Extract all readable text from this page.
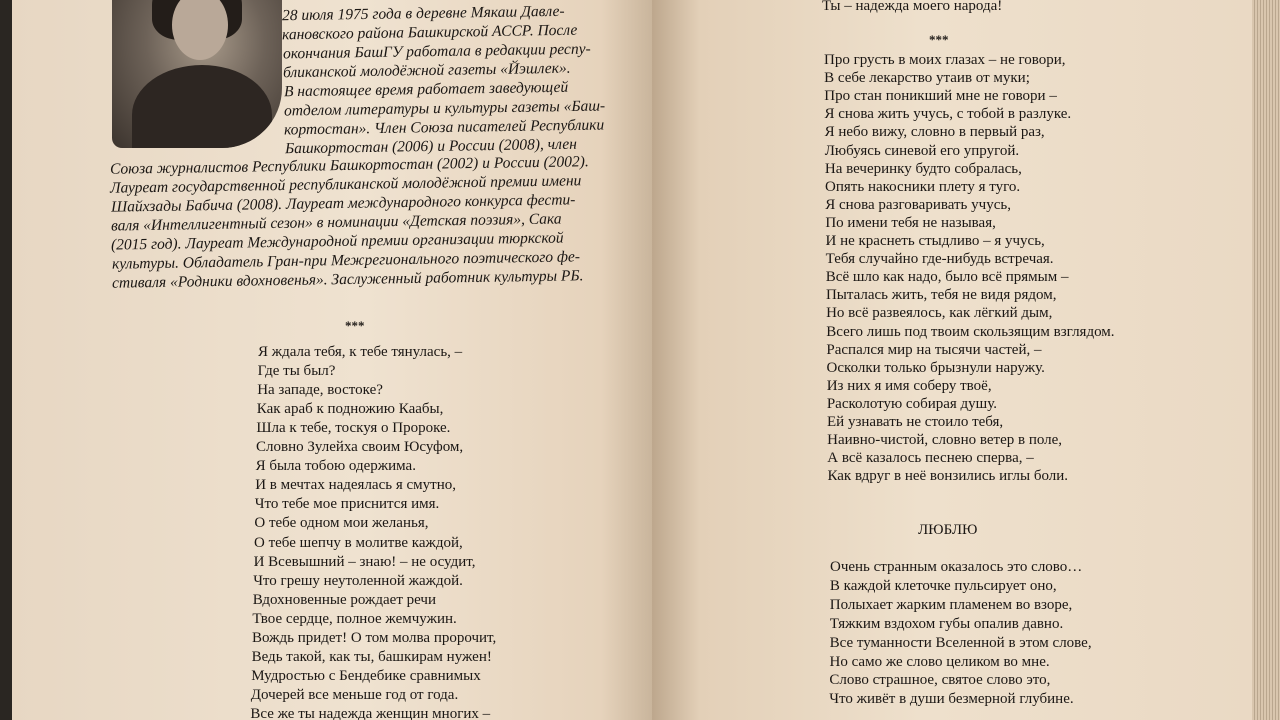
28 июля 1975 года в деревне Мякаш Давле-
кановского района Башкирской АССР. После
окончания БашГУ работала в редакции респу-
бликанской молодёжной газеты «Йэшлек».
В настоящее время работает заведующей
отделом литературы и культуры газеты «Баш-
кортостан». Член Союза писателей Республики
Башкортостан (2006) и России (2008), член
Союза журналистов Республики Башкортостан (2002) и России (2002).
Лауреат государственной республиканской молодёжной премии имени
Шайхзады Бабича (2008). Лауреат международного конкурса фести-
валя «Интеллигентный сезон» в номинации «Детская поэзия», Сака
(2015 год). Лауреат Международной премии организации тюркской
культуры. Обладатель Гран-при Межрегионального поэтического фе-
стиваля «Родники вдохновенья». Заслуженный работник культуры РБ.
***
Я ждала тебя, к тебе тянулась, –
Где ты был?
На западе, востоке?
Как араб к подножию Каабы,
Шла к тебе, тоскуя о Пророке.
Словно Зулейха своим Юсуфом,
Я была тобою одержима.
И в мечтах надеялась я смутно,
Что тебе мое приснится имя.
О тебе одном мои желанья,
О тебе шепчу в молитве каждой,
И Всевышний – знаю! – не осудит,
Что грешу неутоленной жаждой.
Вдохновенные рождает речи
Твое сердце, полное жемчужин.
Вождь придет! О том молва пророчит,
Ведь такой, как ты, башкирам нужен!
Мудростью с Бендебике сравнимых
Дочерей все меньше год от года.
Все же ты надежда женщин многих –
Ты – надежда моего народа!
***
Про грусть в моих глазах – не говори,
В себе лекарство утаив от муки;
Про стан поникший мне не говори –
Я снова жить учусь, с тобой в разлуке.
Я небо вижу, словно в первый раз,
Любуясь синевой его упругой.
На вечеринку будто собралась,
Опять накосники плету я туго.
Я снова разговаривать учусь,
По имени тебя не называя,
И не краснеть стыдливо – я учусь,
Тебя случайно где-нибудь встречая.
Всё шло как надо, было всё прямым –
Пыталась жить, тебя не видя рядом,
Но всё развеялось, как лёгкий дым,
Всего лишь под твоим скользящим взглядом.
Распался мир на тысячи частей, –
Осколки только брызнули наружу.
Из них я имя соберу твоё,
Расколотую собирая душу.
Ей узнавать не стоило тебя,
Наивно-чистой, словно ветер в поле,
А всё казалось песнею сперва, –
Как вдруг в неё вонзились иглы боли.
ЛЮБЛЮ
Очень странным оказалось это слово…
В каждой клеточке пульсирует оно,
Полыхает жарким пламенем во взоре,
Тяжким вздохом губы опалив давно.
Все туманности Вселенной в этом слове,
Но само же слово целиком во мне.
Слово страшное, святое слово это,
Что живёт в души безмерной глубине.
